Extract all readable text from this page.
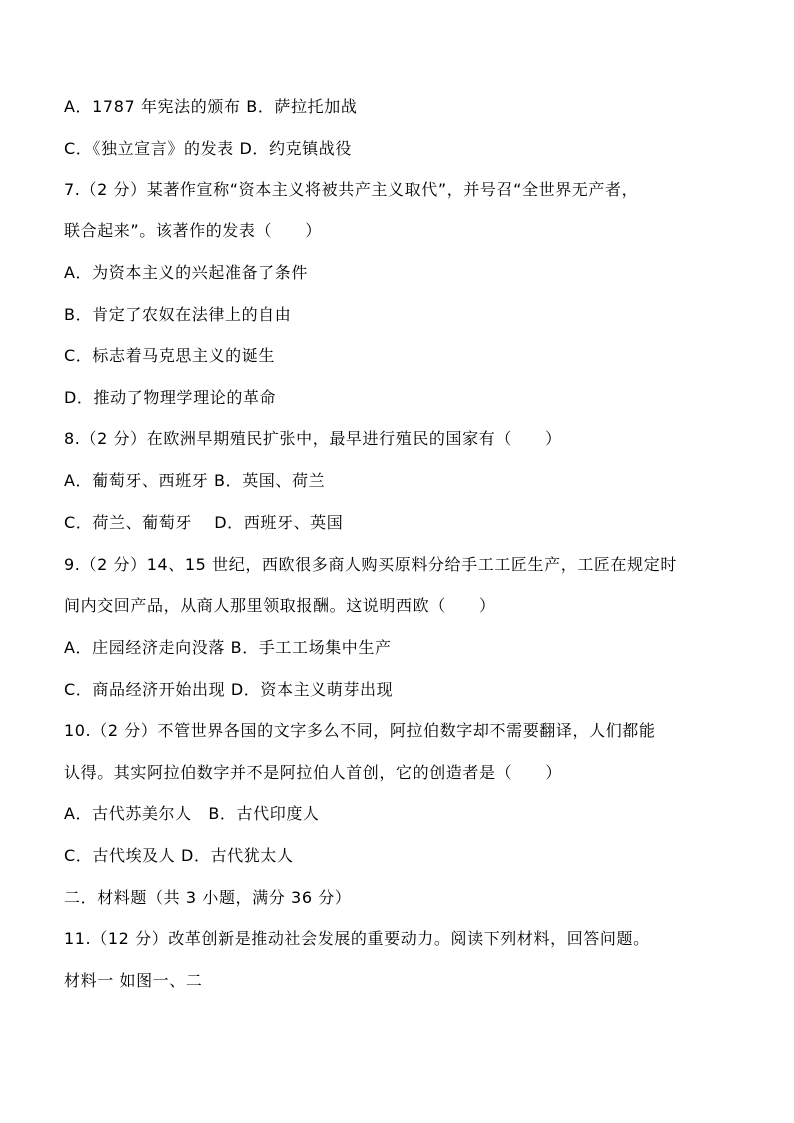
A．1787 年宪法的颁布 B．萨拉托加战
C．《独立宣言》的发表 D．约克镇战役
7.（2 分）某著作宣称“资本主义将被共产主义取代”，并号召“全世界无产者，
联合起来”。该著作的发表（　　）
A．为资本主义的兴起准备了条件
B．肯定了农奴在法律上的自由
C．标志着马克思主义的诞生
D．推动了物理学理论的革命
8.（2 分）在欧洲早期殖民扩张中，最早进行殖民的国家有（　　）
A．葡萄牙、西班牙 B．英国、荷兰
C．荷兰、葡萄牙　 D．西班牙、英国
9.（2 分）14、15 世纪，西欧很多商人购买原料分给手工工匠生产，工匠在规定时
间内交回产品，从商人那里领取报酬。这说明西欧（　　）
A．庄园经济走向没落 B．手工工场集中生产
C．商品经济开始出现 D．资本主义萌芽出现
10.（2 分）不管世界各国的文字多么不同，阿拉伯数字却不需要翻译，人们都能
认得。其实阿拉伯数字并不是阿拉伯人首创，它的创造者是（　　）
A．古代苏美尔人　B．古代印度人
C．古代埃及人 D．古代犹太人
二．材料题（共 3 小题，满分 36 分）
11.（12 分）改革创新是推动社会发展的重要动力。阅读下列材料，回答问题。
材料一 如图一、二
